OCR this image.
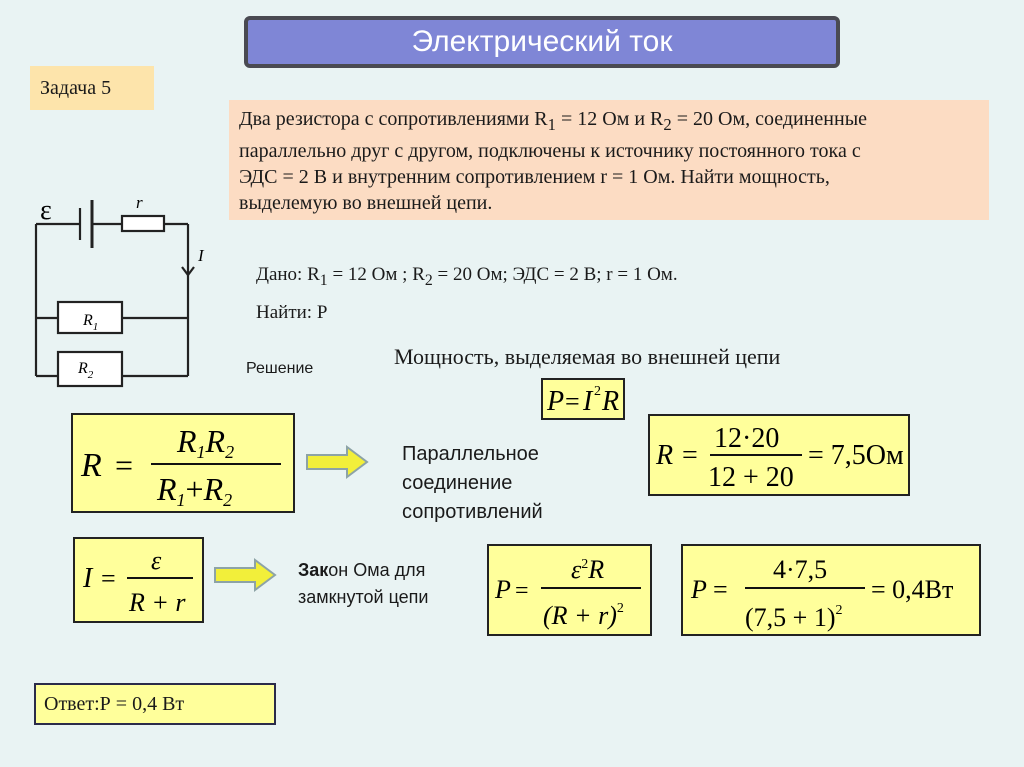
Электрический ток
Задача 5
Два резистора с сопротивлениями $R_1 = 12$ Ом и $R_2 = 20$ Ом, соединенные
параллельно друг с другом, подключены к источнику постоянного тока с
ЭДС = 2 В и внутренним сопротивлением r = 1 Ом. Найти мощность,
выделемую во внешней цепи.
ε	r
I
$R_1$
$R_2$
Дано: $R_1 = 12$ Ом ; $R_2 = 20$ Ом; ЭДС = 2 В; r = 1 Ом.
Найти: Р
Решение	Мощность, выделяемая во внешней цепи
P = I 2 R
R =
R1R2
R1+R2
Параллельное соединение сопротивлений
R =
12·20
12 + 20
= 7,5Ом
I =
ε
R + r
Закон Ома для замкнутой цепи	P =
$\varepsilon^2R$
$(R + r)^2$
P =
4·7,5
$(7,5 + 1)^2$
= 0,4Вт
Ответ:Р = 0,4 Вт
